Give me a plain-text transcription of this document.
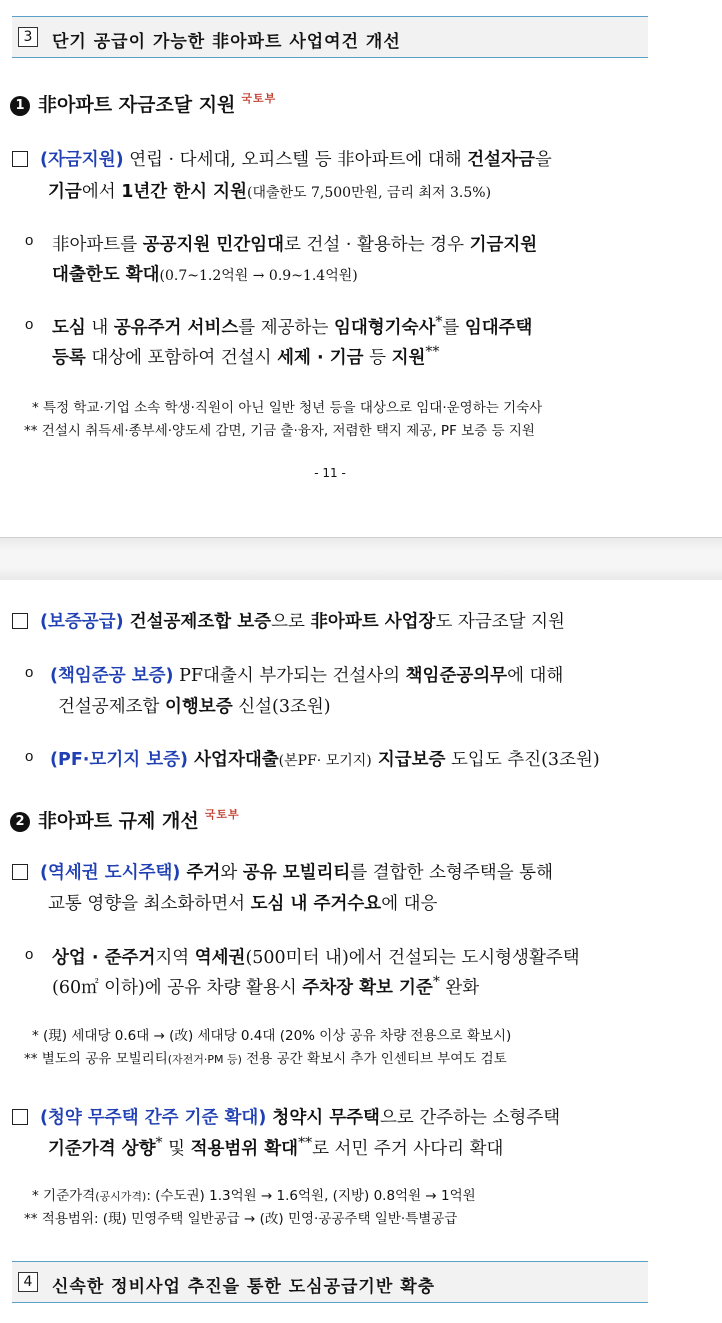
3	단기 공급이 가능한 非아파트 사업여건 개선
1 非아파트 자금조달 지원 $^{국토부}$
(자금지원) 연립 · 다세대, 오피스텔 등 非아파트에 대해 건설자금을
기금에서 1년간 한시 지원(대출한도 7,500만원, 금리 최저 3.5%)
o 非아파트를 공공지원 민간임대로 건설 · 활용하는 경우 기금지원
대출한도 확대(0.7~1.2억원 → 0.9~1.4억원)
o 도심 내 공유주거 서비스를 제공하는 임대형기숙사*를 임대주택
등록 대상에 포함하여 건설시 세제 · 기금 등 지원**
* 특정 학교·기업 소속 학생·직원이 아닌 일반 청년 등을 대상으로 임대·운영하는 기숙사
** 건설시 취득세·종부세·양도세 감면, 기금 출·융자, 저렴한 택지 제공, PF 보증 등 지원
- 11 -
(보증공급) 건설공제조합 보증으로 非아파트 사업장도 자금조달 지원
o (책임준공 보증) PF대출시 부가되는 건설사의 책임준공의무에 대해
건설공제조합 이행보증 신설(3조원)
o (PF·모기지 보증) 사업자대출(본PF· 모기지) 지급보증 도입도 추진(3조원)
2 非아파트 규제 개선 $^{국토부}$
(역세권 도시주택) 주거와 공유 모빌리티를 결합한 소형주택을 통해
교통 영향을 최소화하면서 도심 내 주거수요에 대응
o 상업 · 준주거지역 역세권(500미터 내)에서 건설되는 도시형생활주택
(60㎡ 이하)에 공유 차량 활용시 주차장 확보 기준* 완화
* (現) 세대당 0.6대 → (改) 세대당 0.4대 (20% 이상 공유 차량 전용으로 확보시)
** 별도의 공유 모빌리티(자전거·PM 등) 전용 공간 확보시 추가 인센티브 부여도 검토
(청약 무주택 간주 기준 확대) 청약시 무주택으로 간주하는 소형주택
기준가격 상향* 및 적용범위 확대**로 서민 주거 사다리 확대
* 기준가격(공시가격): (수도권) 1.3억원 → 1.6억원, (지방) 0.8억원 → 1억원
** 적용범위: (現) 민영주택 일반공급 → (改) 민영·공공주택 일반·특별공급
4	신속한 정비사업 추진을 통한 도심공급기반 확충
